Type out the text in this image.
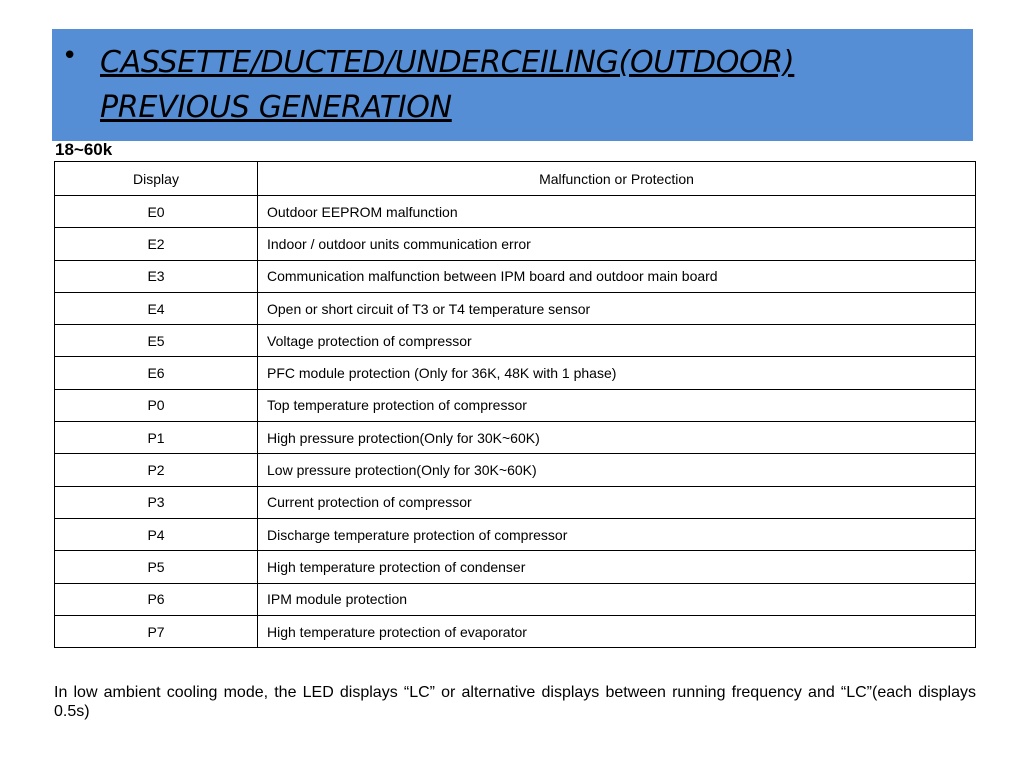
• CASSETTE/DUCTED/UNDERCEILING(OUTDOOR)
PREVIOUS GENERATION
18~60k
Display	Malfunction or Protection
E0	Outdoor EEPROM malfunction
E2	Indoor / outdoor units communication error
E3	Communication malfunction between IPM board and outdoor main board
E4	Open or short circuit of T3 or T4 temperature sensor
E5	Voltage protection of compressor
E6	PFC module protection (Only for 36K, 48K with 1 phase)
P0	Top temperature protection of compressor
P1	High pressure protection(Only for 30K~60K)
P2	Low pressure protection(Only for 30K~60K)
P3	Current protection of compressor
P4	Discharge temperature protection of compressor
P5	High temperature protection of condenser
P6	IPM module protection
P7	High temperature protection of evaporator
In low ambient cooling mode, the LED displays “LC” or alternative displays between running frequency and “LC”(each displays 0.5s)
